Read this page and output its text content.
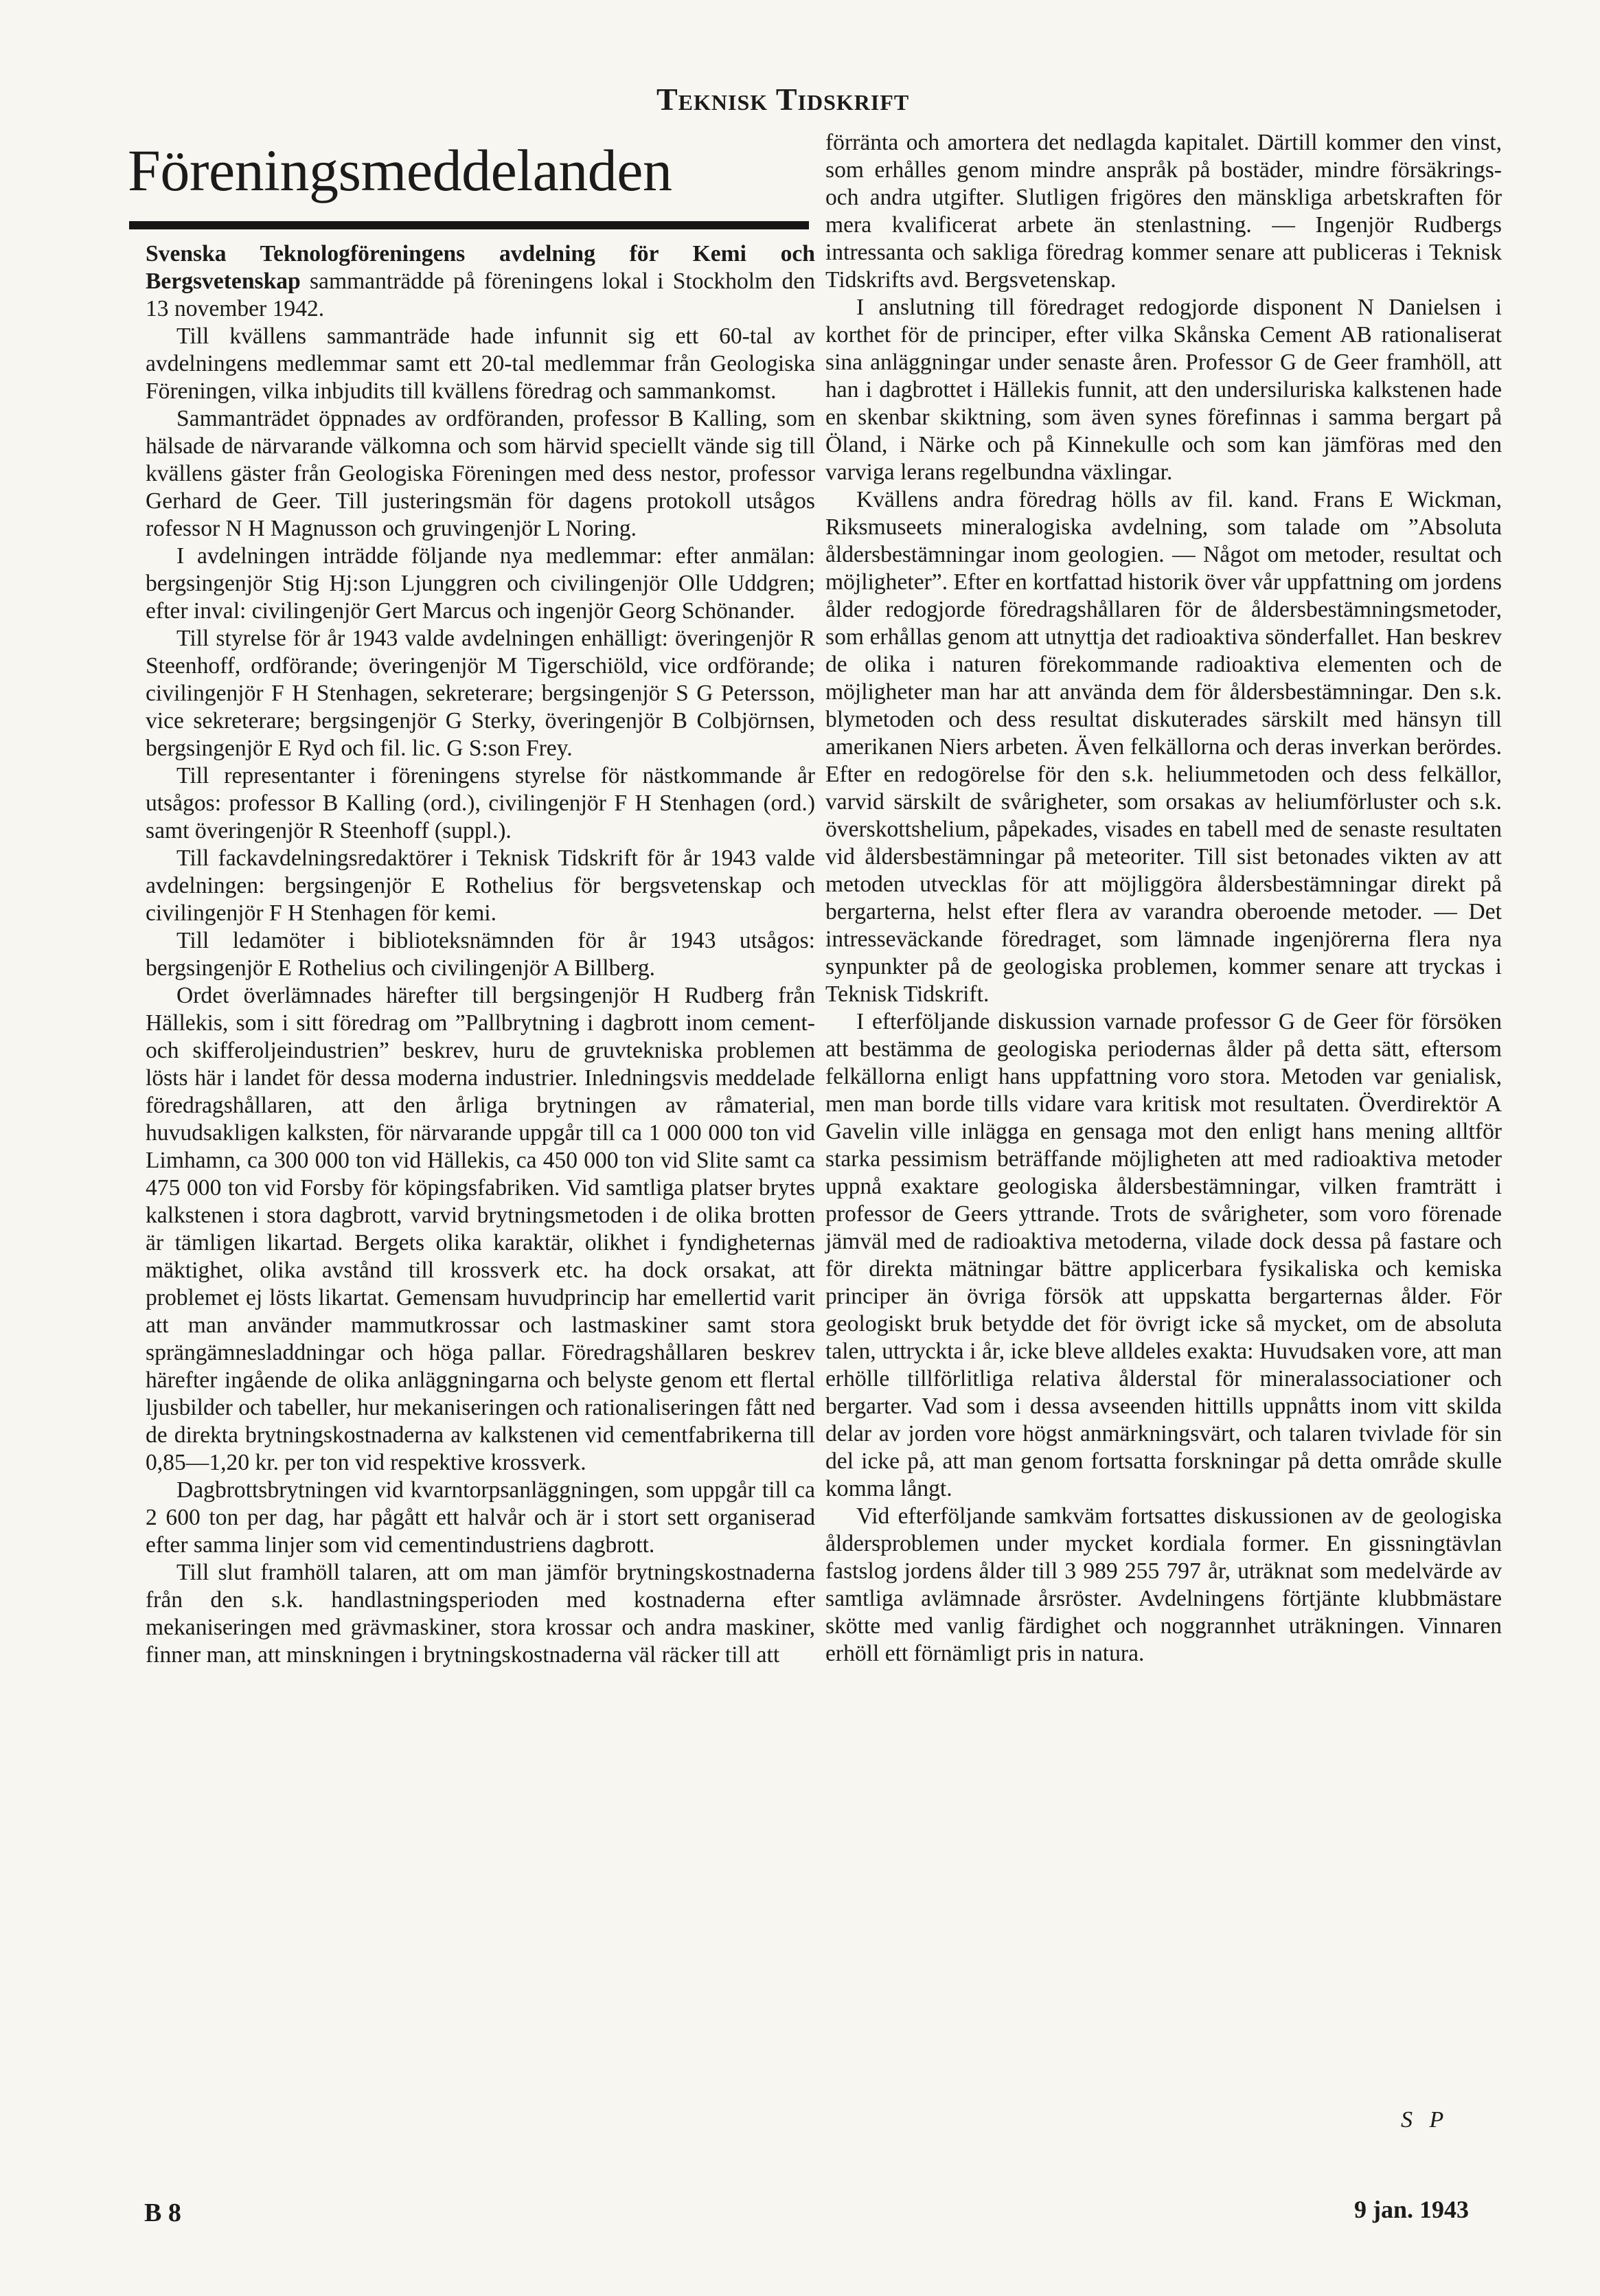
Teknisk Tidskrift
Föreningsmeddelanden

Svenska Teknologföreningens avdelning för Kemi och Bergsvetenskap sammanträdde på föreningens lokal i Stockholm den 13 november 1942.

Till kvällens sammanträde hade infunnit sig ett 60-tal av avdelningens medlemmar samt ett 20-tal medlemmar från Geologiska Föreningen, vilka inbjudits till kvällens föredrag och sammankomst.

Sammanträdet öppnades av ordföranden, professor B Kalling, som hälsade de närvarande välkomna och som härvid speciellt vände sig till kvällens gäster från Geologiska Föreningen med dess nestor, professor Gerhard de Geer. Till justeringsmän för dagens protokoll utsågos rofessor N H Magnusson och gruvingenjör L Noring.

I avdelningen inträdde följande nya medlemmar: efter anmälan: bergsingenjör Stig Hj:son Ljunggren och civilingenjör Olle Uddgren; efter inval: civilingenjör Gert Marcus och ingenjör Georg Schönander.

Till styrelse för år 1943 valde avdelningen enhälligt: överingenjör R Steenhoff, ordförande; överingenjör M Tigerschiöld, vice ordförande; civilingenjör F H Stenhagen, sekreterare; bergsingenjör S G Petersson, vice sekreterare; bergsingenjör G Sterky, överingenjör B Colbjörnsen, bergsingenjör E Ryd och fil. lic. G S:son Frey.

Till representanter i föreningens styrelse för nästkommande år utsågos: professor B Kalling (ord.), civilingenjör F H Stenhagen (ord.) samt överingenjör R Steenhoff (suppl.).

Till fackavdelningsredaktörer i Teknisk Tidskrift för år 1943 valde avdelningen: bergsingenjör E Rothelius för bergsvetenskap och civilingenjör F H Stenhagen för kemi.

Till ledamöter i biblioteksnämnden för år 1943 utsågos: bergsingenjör E Rothelius och civilingenjör A Billberg.

Ordet överlämnades härefter till bergsingenjör H Rudberg från Hällekis, som i sitt föredrag om ”Pallbrytning i dagbrott inom cement- och skifferoljeindustrien” beskrev, huru de gruvtekniska problemen lösts här i landet för dessa moderna industrier. Inledningsvis meddelade föredragshållaren, att den årliga brytningen av råmaterial, huvudsakligen kalksten, för närvarande uppgår till ca 1 000 000 ton vid Limhamn, ca 300 000 ton vid Hällekis, ca 450 000 ton vid Slite samt ca 475 000 ton vid Forsby för köpingsfabriken. Vid samtliga platser brytes kalkstenen i stora dagbrott, varvid brytningsmetoden i de olika brotten är tämligen likartad. Bergets olika karaktär, olikhet i fyndigheternas mäktighet, olika avstånd till krossverk etc. ha dock orsakat, att problemet ej lösts likartat. Gemensam huvudprincip har emellertid varit att man använder mammutkrossar och lastmaskiner samt stora sprängämnesladdningar och höga pallar. Föredragshållaren beskrev härefter ingående de olika anläggningarna och belyste genom ett flertal ljusbilder och tabeller, hur mekaniseringen och rationaliseringen fått ned de direkta brytningskostnaderna av kalkstenen vid cementfabrikerna till 0,85—1,20 kr. per ton vid respektive krossverk.

Dagbrottsbrytningen vid kvarntorpsanläggningen, som uppgår till ca 2 600 ton per dag, har pågått ett halvår och är i stort sett organiserad efter samma linjer som vid cementindustriens dagbrott.

Till slut framhöll talaren, att om man jämför brytningskostnaderna från den s.k. handlastningsperioden med kostnaderna efter mekaniseringen med grävmaskiner, stora krossar och andra maskiner, finner man, att minskningen i brytningskostnaderna väl räcker till att

förränta och amortera det nedlagda kapitalet. Därtill kommer den vinst, som erhålles genom mindre anspråk på bostäder, mindre försäkrings- och andra utgifter. Slutligen frigöres den mänskliga arbetskraften för mera kvalificerat arbete än stenlastning. — Ingenjör Rudbergs intressanta och sakliga föredrag kommer senare att publiceras i Teknisk Tidskrifts avd. Bergsvetenskap.

I anslutning till föredraget redogjorde disponent N Danielsen i korthet för de principer, efter vilka Skånska Cement AB rationaliserat sina anläggningar under senaste åren. Professor G de Geer framhöll, att han i dagbrottet i Hällekis funnit, att den undersiluriska kalkstenen hade en skenbar skiktning, som även synes förefinnas i samma bergart på Öland, i Närke och på Kinnekulle och som kan jämföras med den varviga lerans regelbundna växlingar.

Kvällens andra föredrag hölls av fil. kand. Frans E Wickman, Riksmuseets mineralogiska avdelning, som talade om ”Absoluta åldersbestämningar inom geologien. — Något om metoder, resultat och möjligheter”. Efter en kortfattad historik över vår uppfattning om jordens ålder redogjorde föredragshållaren för de åldersbestämningsmetoder, som erhållas genom att utnyttja det radioaktiva sönderfallet. Han beskrev de olika i naturen förekommande radioaktiva elementen och de möjligheter man har att använda dem för åldersbestämningar. Den s.k. blymetoden och dess resultat diskuterades särskilt med hänsyn till amerikanen Niers arbeten. Även felkällorna och deras inverkan berördes. Efter en redogörelse för den s.k. heliummetoden och dess felkällor, varvid särskilt de svårigheter, som orsakas av heliumförluster och s.k. överskottshelium, påpekades, visades en tabell med de senaste resultaten vid åldersbestämningar på meteoriter. Till sist betonades vikten av att metoden utvecklas för att möjliggöra åldersbestämningar direkt på bergarterna, helst efter flera av varandra oberoende metoder. — Det intresseväckande föredraget, som lämnade ingenjörerna flera nya synpunkter på de geologiska problemen, kommer senare att tryckas i Teknisk Tidskrift.

I efterföljande diskussion varnade professor G de Geer för försöken att bestämma de geologiska periodernas ålder på detta sätt, eftersom felkällorna enligt hans uppfattning voro stora. Metoden var genialisk, men man borde tills vidare vara kritisk mot resultaten. Överdirektör A Gavelin ville inlägga en gensaga mot den enligt hans mening alltför starka pessimism beträffande möjligheten att med radioaktiva metoder uppnå exaktare geologiska åldersbestämningar, vilken framträtt i professor de Geers yttrande. Trots de svårigheter, som voro förenade jämväl med de radioaktiva metoderna, vilade dock dessa på fastare och för direkta mätningar bättre applicerbara fysikaliska och kemiska principer än övriga försök att uppskatta bergarternas ålder. För geologiskt bruk betydde det för övrigt icke så mycket, om de absoluta talen, uttryckta i år, icke bleve alldeles exakta: Huvudsaken vore, att man erhölle tillförlitliga relativa ålderstal för mineralassociationer och bergarter. Vad som i dessa avseenden hittills uppnåtts inom vitt skilda delar av jorden vore högst anmärkningsvärt, och talaren tvivlade för sin del icke på, att man genom fortsatta forskningar på detta område skulle komma långt.

Vid efterföljande samkväm fortsattes diskussionen av de geologiska åldersproblemen under mycket kordiala former. En gissningtävlan fastslog jordens ålder till 3 989 255 797 år, uträknat som medelvärde av samtliga avlämnade årsröster. Avdelningens förtjänte klubbmästare skötte med vanlig färdighet och noggrannhet uträkningen. Vinnaren erhöll ett förnämligt pris in natura.

S P
B 8	9 jan. 1943
